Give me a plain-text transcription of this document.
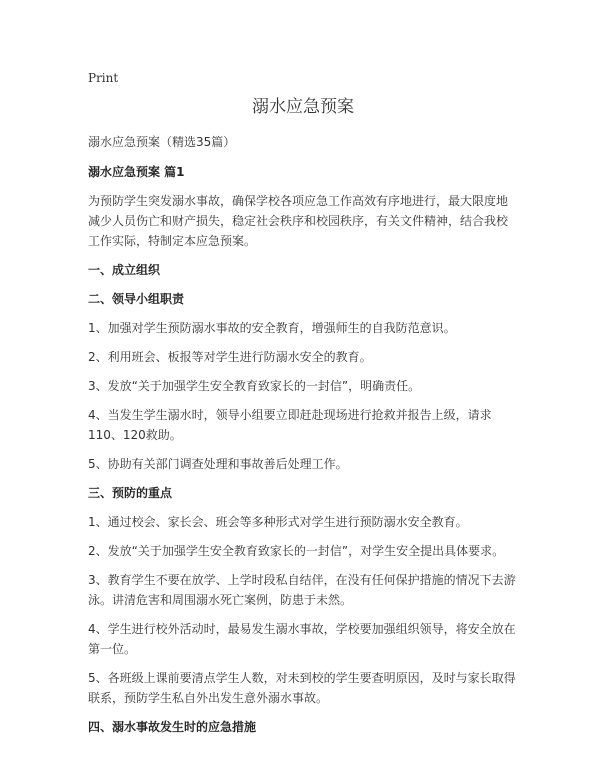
Print
溺水应急预案
溺水应急预案（精选35篇）
溺水应急预案 篇1
为预防学生突发溺水事故，确保学校各项应急工作高效有序地进行，最大限度地减少人员伤亡和财产损失，稳定社会秩序和校园秩序，有关文件精神，结合我校工作实际，特制定本应急预案。
一、成立组织
二、领导小组职责
1、加强对学生预防溺水事故的安全教育，增强师生的自我防范意识。
2、利用班会、板报等对学生进行防溺水安全的教育。
3、发放“关于加强学生安全教育致家长的一封信”，明确责任。
4、当发生学生溺水时，领导小组要立即赶赴现场进行抢救并报告上级，请求110、120救助。
5、协助有关部门调查处理和事故善后处理工作。
三、预防的重点
1、通过校会、家长会、班会等多种形式对学生进行预防溺水安全教育。
2、发放“关于加强学生安全教育致家长的一封信”，对学生安全提出具体要求。
3、教育学生不要在放学、上学时段私自结伴，在没有任何保护措施的情况下去游泳。讲清危害和周围溺水死亡案例，防患于未然。
4、学生进行校外活动时，最易发生溺水事故，学校要加强组织领导，将安全放在第一位。
5、各班级上课前要清点学生人数，对未到校的学生要查明原因，及时与家长取得联系，预防学生私自外出发生意外溺水事故。
四、溺水事故发生时的应急措施
